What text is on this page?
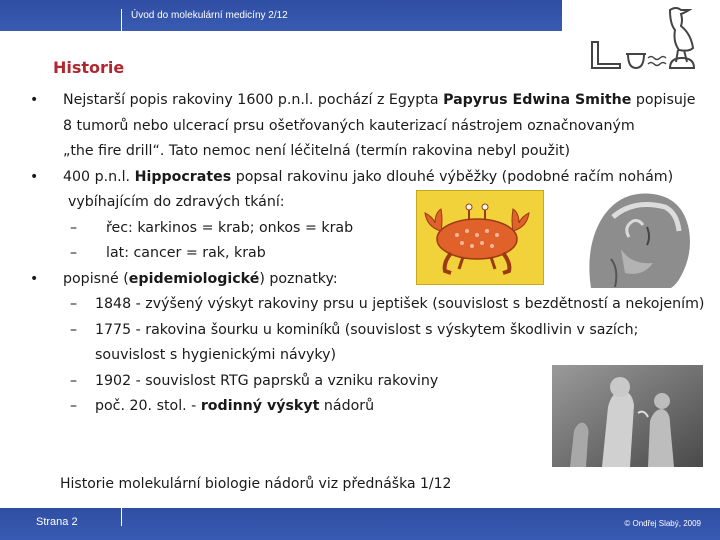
Úvod do molekulární medicíny 2/12
Historie
• Nejstarší popis rakoviny 1600 p.n.l. pochází z Egypta Papyrus Edwina Smithe popisuje
8 tumorů nebo ulcerací prsu ošetřovaných kauterizací nástrojem označnovaným
„the fire drill“. Tato nemoc není léčitelná (termín rakovina nebyl použit)
• 400 p.n.l. Hippocrates popsal rakovinu jako dlouhé výběžky (podobné račím nohám)
vybíhajícím do zdravých tkání:
– řec: karkinos = krab; onkos = krab
– lat: cancer = rak, krab
• popisné (epidemiologické) poznatky:
– 1848 - zvýšený výskyt rakoviny prsu u jeptišek (souvislost s bezdětností a nekojením)
– 1775 - rakovina šourku u kominíků (souvislost s výskytem škodlivin v sazích;
souvislost s hygienickými návyky)
– 1902 - souvislost RTG paprsků a vzniku rakoviny
– poč. 20. stol. - rodinný výskyt nádorů
Historie molekulární biologie nádorů viz přednáška 1/12
Strana 2	© Ondřej Slabý, 2009
